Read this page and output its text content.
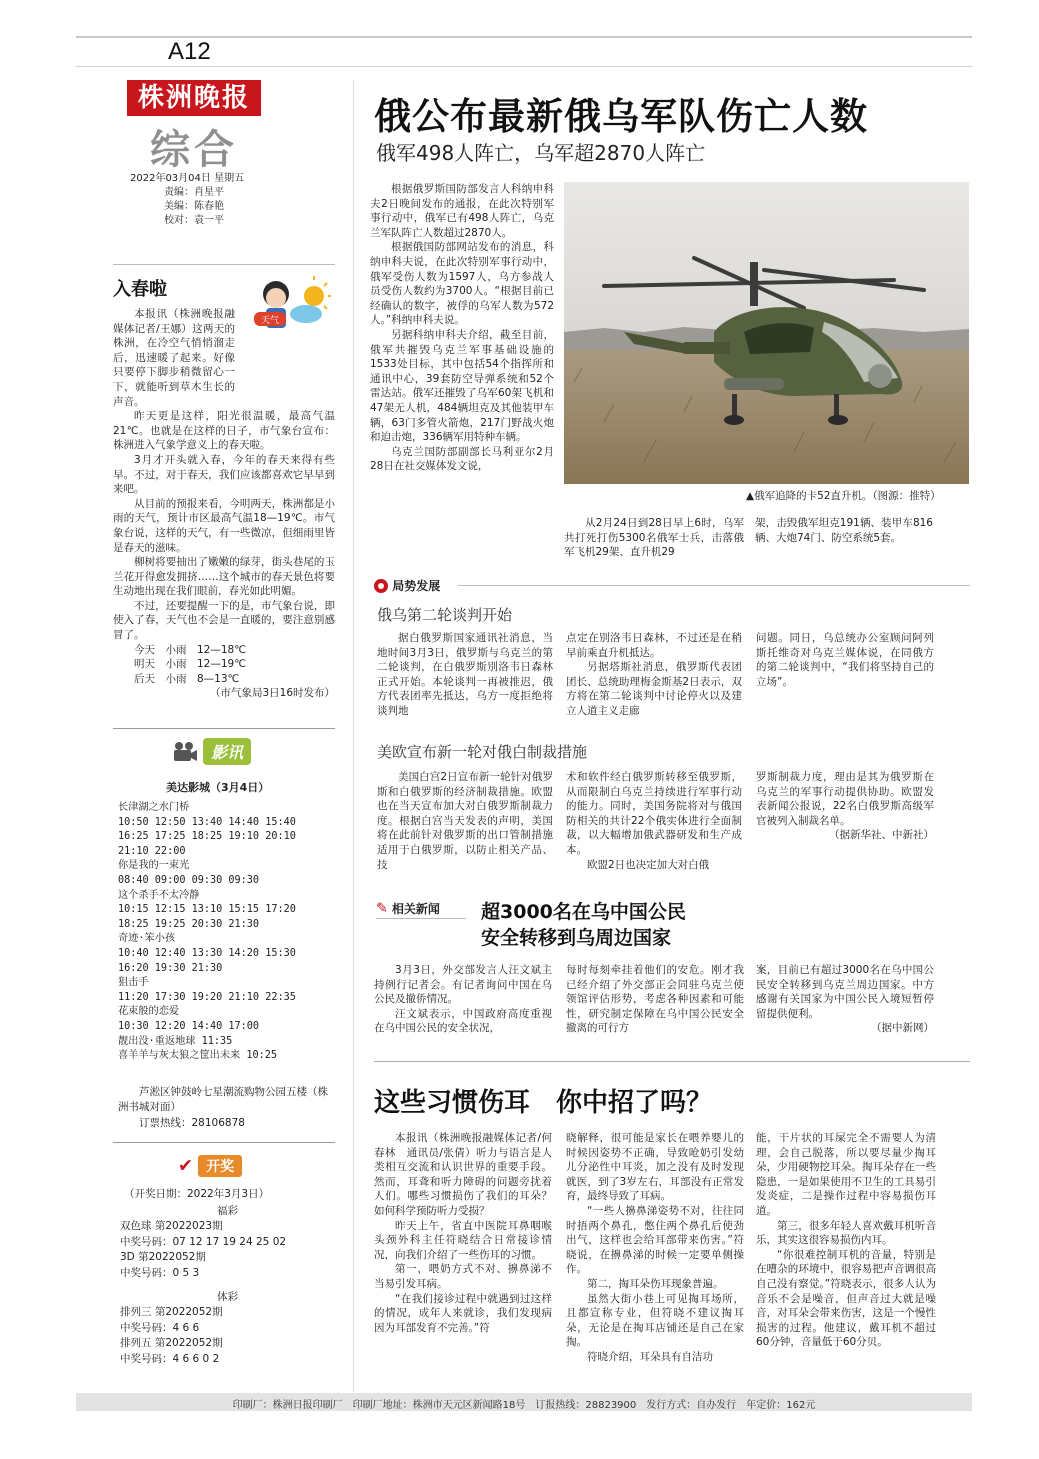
A12
株洲晚报
综合
2022年03月04日 星期五
责编：肖星平
美编：陈春艳
校对：袁一平
入春啦
天气
本报讯（株洲晚报融媒体记者/王娜）这两天的株洲，在冷空气悄悄溜走后，迅速暖了起来。好像只要停下脚步稍微留心一下，就能听到草木生长的声音。
昨天更是这样，阳光很温暖，最高气温21℃。也就是在这样的日子，市气象台宣布：株洲进入气象学意义上的春天啦。
3月才开头就入春，今年的春天来得有些早。不过，对于春天，我们应该都喜欢它早早到来吧。
从目前的预报来看，今明两天，株洲都是小雨的天气，预计市区最高气温18—19℃。市气象台说，这样的天气，有一些微凉，但细雨里皆是春天的滋味。
柳树将要抽出了嫩嫩的绿芽，街头巷尾的玉兰花开得愈发拥挤……这个城市的春天景色将要生动地出现在我们眼前，春光如此明媚。
不过，还要提醒一下的是，市气象台说，即使入了春，天气也不会是一直暖的，要注意别感冒了。
今天　小雨　12—18℃
明天　小雨　12—19℃
后天　小雨　8—13℃
（市气象局3日16时发布）
影讯
美达影城（3月4日）
长津湖之水门桥
10:50 12:50 13:40 14:40 15:40
16:25 17:25 18:25 19:10 20:10
21:10 22:00
你是我的一束光
08:40 09:00 09:30 09:30
这个杀手不太冷静
10:15 12:15 13:10 15:15 17:20
18:25 19:25 20:30 21:30
奇迹·笨小孩
10:40 12:40 13:30 14:20 15:30
16:20 19:30 21:30
狙击手
11:20 17:30 19:20 21:10 22:35
花束般的恋爱
10:30 12:20 14:40 17:00
靓出没·重返地球 11:35
喜羊羊与灰太狼之筐出未来 10:25
芦淞区钟鼓岭七星潮流购物公园五楼（株洲书城对面）
订票热线：28106878
✔ 开奖
（开奖日期：2022年3月3日）
福彩
双色球 第2022023期
中奖号码：07 12 17 19 24 25 02
3D 第2022052期
中奖号码：0 5 3
体彩
排列三 第2022052期
中奖号码：4 6 6
排列五 第2022052期
中奖号码：4 6 6 0 2
俄公布最新俄乌军队伤亡人数
俄军498人阵亡，乌军超2870人阵亡
根据俄罗斯国防部发言人科纳申科夫2日晚间发布的通报，在此次特别军事行动中，俄军已有498人阵亡，乌克兰军队阵亡人数超过2870人。
根据俄国防部网站发布的消息，科纳申科夫说，在此次特别军事行动中，俄军受伤人数为1597人，乌方参战人员受伤人数约为3700人。“根据目前已经确认的数字，被俘的乌军人数为572人。”科纳申科夫说。
另据科纳申科夫介绍，截至目前，俄军共摧毁乌克兰军事基础设施的1533处目标，其中包括54个指挥所和通讯中心，39套防空导弹系统和52个雷达站。俄军还摧毁了乌军60架飞机和47架无人机，484辆坦克及其他装甲车辆，63门多管火箭炮，217门野战火炮和迫击炮，336辆军用特种车辆。
乌克兰国防部副部长马利亚尔2月28日在社交媒体发文说，
▲俄军追降的卡52直升机。（图源：推特）
从2月24日到28日早上6时，乌军共打死打伤5300名俄军士兵，击落俄军飞机29架、直升机29
架，击毁俄军坦克191辆、装甲车816辆、大炮74门、防空系统5套。
局势发展
俄乌第二轮谈判开始
据白俄罗斯国家通讯社消息，当地时间3月3日，俄罗斯与乌克兰的第二轮谈判，在白俄罗斯別洛韦日森林正式开始。本轮谈判一再被推迟，俄方代表团率先抵达，乌方一度拒绝将谈判地
点定在别洛韦日森林，不过还是在稍早前乘直升机抵达。
另据塔斯社消息，俄罗斯代表团团长、总统助理梅金斯基2日表示，双方将在第二轮谈判中讨论停火以及建立人道主义走廊
问题。同日，乌总统办公室顾问阿列斯托维奇对乌克兰媒体说，在同俄方的第二轮谈判中，“我们将坚持自己的立场”。
美欧宣布新一轮对俄白制裁措施
美国白宫2日宣布新一轮针对俄罗斯和白俄罗斯的经济制裁措施。欧盟也在当天宣布加大对白俄罗斯制裁力度。根据白宫当天发表的声明，美国将在此前针对俄罗斯的出口管制措施适用于白俄罗斯，以防止相关产品、技
术和软件经白俄罗斯转移至俄罗斯，从而限制白乌克兰持续进行军事行动的能力。同时，美国务院将对与俄国防相关的共计22个俄实体进行全面制裁，以大幅增加俄武器研发和生产成本。
欧盟2日也决定加大对白俄
罗斯制裁力度，理由是其为俄罗斯在乌克兰的军事行动提供协助。欧盟发表新闻公报说，22名白俄罗斯高级军官被列入制裁名单。
（据新华社、中新社）
✎ 相关新闻 超3000名在乌中国公民
安全转移到乌周边国家
3月3日，外交部发言人汪文斌主持例行记者会。有记者询问中国在乌公民及撤侨情况。
汪文斌表示，中国政府高度重视在乌中国公民的安全状况，
每时每刻牵挂着他们的安危。刚才我已经介绍了外交部正会同驻乌克兰使领馆评估形势，考虑各种因素和可能性，研究制定保障在乌中国公民安全撤离的可行方
案，目前已有超过3000名在乌中国公民安全转移到乌克兰周边国家。中方感谢有关国家为中国公民入境短暂停留提供便利。
（据中新网）
这些习惯伤耳　你中招了吗？
本报讯（株洲晚报融媒体记者/何春林　通讯员/张倩）听力与语言是人类相互交流和认识世界的重要手段。然而，耳聋和听力障碍的问题旁扰着人们。哪些习惯损伤了我们的耳朵？如何科学预防听力受损？
昨天上午，省直中医院耳鼻咽喉头颈外科主任符晓结合日常接诊情况，向我们介绍了一些伤耳的习惯。
第一，喂奶方式不对、擤鼻涕不当易引发耳病。
“在我们接诊过程中就遇到过这样的情况，成年人来就诊，我们发现病因为耳部发育不完善。”符
晓解释，很可能是家长在喂养婴儿的时候因姿势不正确，导致呛奶引发幼儿分泌性中耳炎，加之没有及时发现就医，到了3岁左右，耳部没有正常发育，最终导致了耳病。
“一些人擤鼻涕姿势不对，往往同时捂两个鼻孔，憋住两个鼻孔后使劲出气，这样也会给耳部带来伤害。”符晓说，在擤鼻涕的时候一定要单侧操作。
第二，掏耳朵伤耳现象普遍。
虽然大街小巷上可见掏耳场所，且都宣称专业，但符晓不建议掏耳朵，无论是在掏耳店铺还是自己在家掏。
符晓介绍，耳朵具有自洁功
能，干片状的耳屎完全不需要人为清理，会自己脱落，所以要尽量少掏耳朵，少用硬物挖耳朵。掏耳朵存在一些隐患，一是如果使用不卫生的工具易引发炎症，二是操作过程中容易损伤耳道。
第三，很多年轻人喜欢戴耳机听音乐，其实这很容易损伤内耳。
“你很难控制耳机的音量，特别是在嘈杂的环境中，很容易把声音调很高自己没有察觉。”符晓表示，很多人认为音乐不会是噪音，但声音过大就是噪音，对耳朵会带来伤害，这是一个慢性损害的过程。他建议，戴耳机不超过60分钟，音量低于60分贝。
印刷厂：株洲日报印刷厂　印刷厂地址：株洲市天元区新闻路18号　订报热线：28823900　发行方式：自办发行　年定价：162元
